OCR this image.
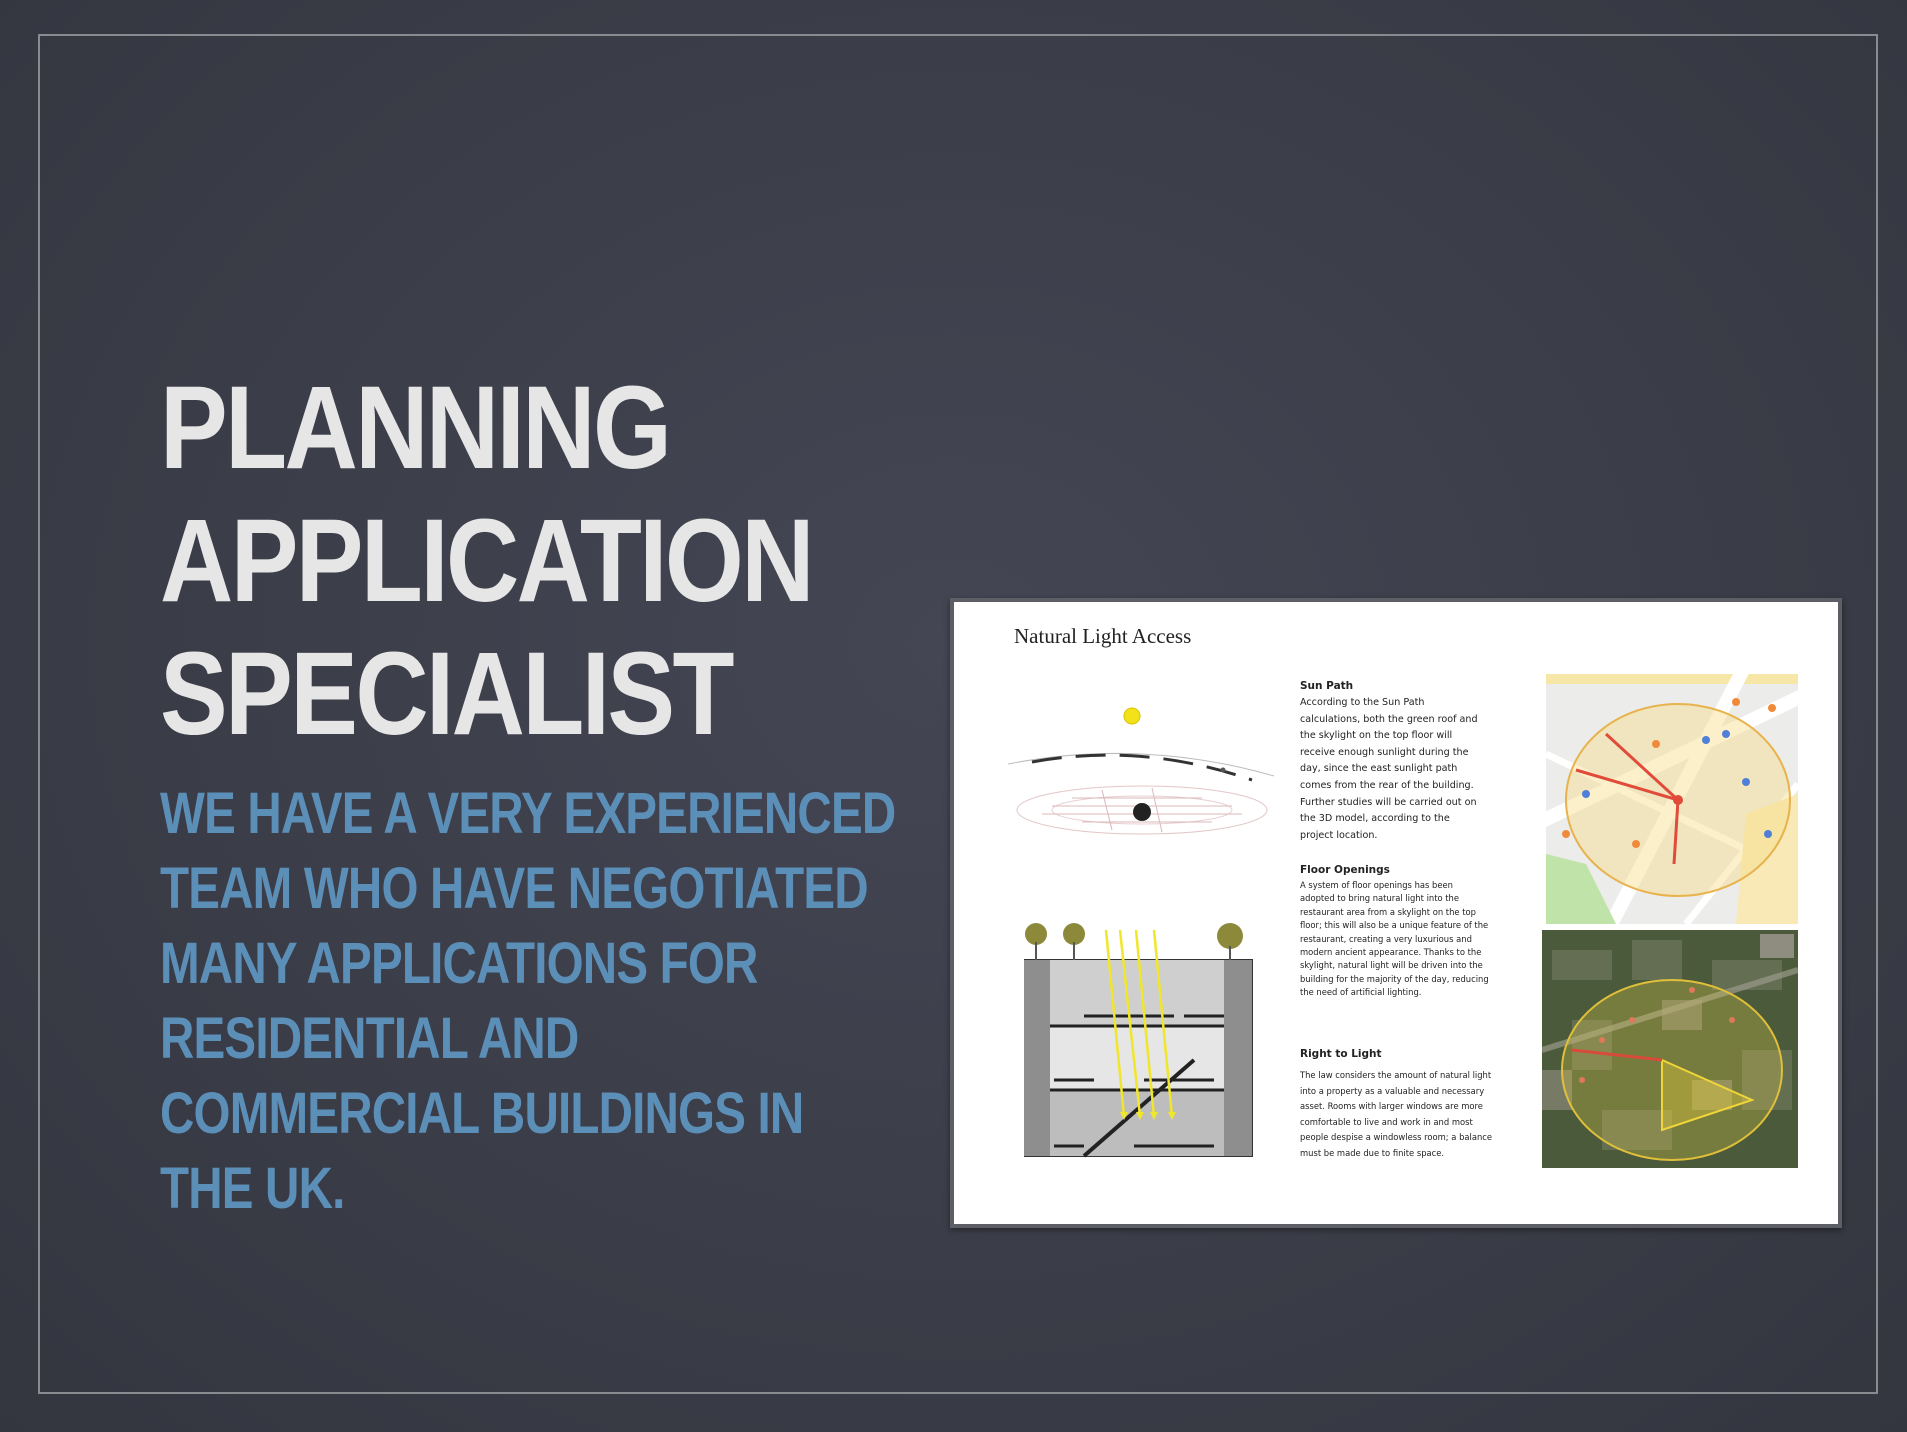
PLANNING
APPLICATION
SPECIALIST
WE HAVE A VERY EXPERIENCED
TEAM WHO HAVE NEGOTIATED
MANY APPLICATIONS FOR
RESIDENTIAL AND
COMMERCIAL BUILDINGS IN
THE UK.
Natural Light Access
Sun Path

According to the Sun Path
calculations, both the green roof and
the skylight on the top floor will
receive enough sunlight during the
day, since the east sunlight path
comes from the rear of the building.
Further studies will be carried out on
the 3D model, according to the
project location.

Floor Openings

A system of floor openings has been
adopted to bring natural light into the
restaurant area from a skylight on the top
floor; this will also be a unique feature of the
restaurant, creating a very luxurious and
modern ancient appearance. Thanks to the
skylight, natural light will be driven into the
building for the majority of the day, reducing
the need of artificial lighting.

Right to Light

The law considers the amount of natural light
into a property as a valuable and necessary
asset. Rooms with larger windows are more
comfortable to live and work in and most
people despise a windowless room; a balance
must be made due to finite space.
